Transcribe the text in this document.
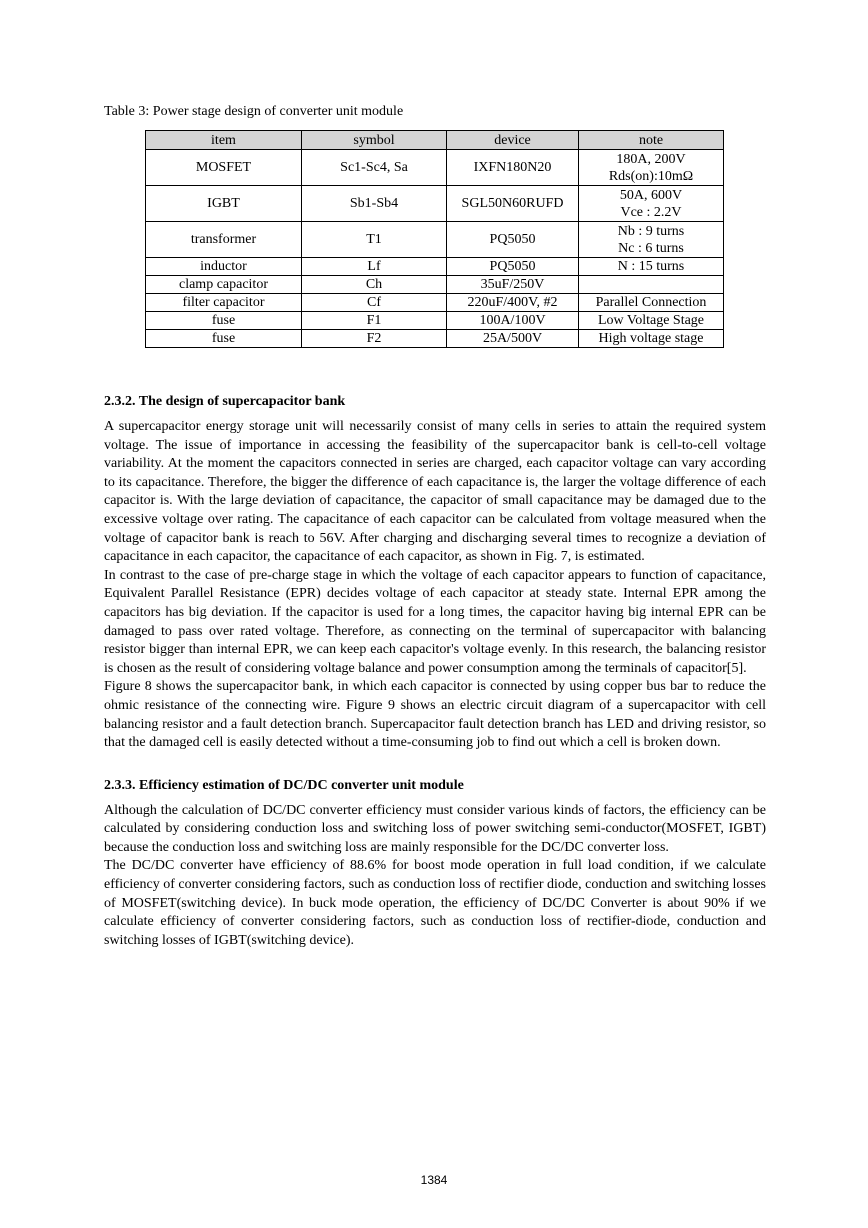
Table 3: Power stage design of converter unit module
item	symbol	device	note
MOSFET	Sc1-Sc4, Sa	IXFN180N20	180A, 200V
Rds(on):10mΩ

IGBT	Sb1-Sb4	SGL50N60RUFD	50A, 600V
Vce : 2.2V

transformer	T1	PQ5050	Nb : 9 turns
Nc : 6 turns

inductor	Lf	PQ5050	N : 15 turns
clamp capacitor	Ch	35uF/250V	
filter capacitor	Cf	220uF/400V, #2	Parallel Connection
fuse	F1	100A/100V	Low Voltage Stage
fuse	F2	25A/500V	High voltage stage
2.3.2. The design of supercapacitor bank

A supercapacitor energy storage unit will necessarily consist of many cells in series to attain the required system voltage. The issue of importance in accessing the feasibility of the supercapacitor bank is cell-to-cell voltage variability. At the moment the capacitors connected in series are charged, each capacitor voltage can vary according to its capacitance. Therefore, the bigger the difference of each capacitance is, the larger the voltage difference of each capacitor is. With the large deviation of capacitance, the capacitor of small capacitance may be damaged due to the excessive voltage over rating. The capacitance of each capacitor can be calculated from voltage measured when the voltage of capacitor bank is reach to 56V. After charging and discharging several times to recognize a deviation of capacitance in each capacitor, the capacitance of each capacitor, as shown in Fig. 7, is estimated.

In contrast to the case of pre-charge stage in which the voltage of each capacitor appears to function of capacitance, Equivalent Parallel Resistance (EPR) decides voltage of each capacitor at steady state. Internal EPR among the capacitors has big deviation. If the capacitor is used for a long times, the capacitor having big internal EPR can be damaged to pass over rated voltage. Therefore, as connecting on the terminal of supercapacitor with balancing resistor bigger than internal EPR, we can keep each capacitor's voltage evenly. In this research, the balancing resistor is chosen as the result of considering voltage balance and power consumption among the terminals of capacitor[5].

Figure 8 shows the supercapacitor bank, in which each capacitor is connected by using copper bus bar to reduce the ohmic resistance of the connecting wire. Figure 9 shows an electric circuit diagram of a supercapacitor with cell balancing resistor and a fault detection branch. Supercapacitor fault detection branch has LED and driving resistor, so that the damaged cell is easily detected without a time-consuming job to find out which a cell is broken down.

2.3.3. Efficiency estimation of DC/DC converter unit module

Although the calculation of DC/DC converter efficiency must consider various kinds of factors, the efficiency can be calculated by considering conduction loss and switching loss of power switching semi-conductor(MOSFET, IGBT) because the conduction loss and switching loss are mainly responsible for the DC/DC converter loss.

The DC/DC converter have efficiency of 88.6% for boost mode operation in full load condition, if we calculate efficiency of converter considering factors, such as conduction loss of rectifier diode, conduction and switching losses of MOSFET(switching device). In buck mode operation, the efficiency of DC/DC Converter is about 90% if we calculate efficiency of converter considering factors, such as conduction loss of rectifier-diode, conduction and switching losses of IGBT(switching device).

1384
